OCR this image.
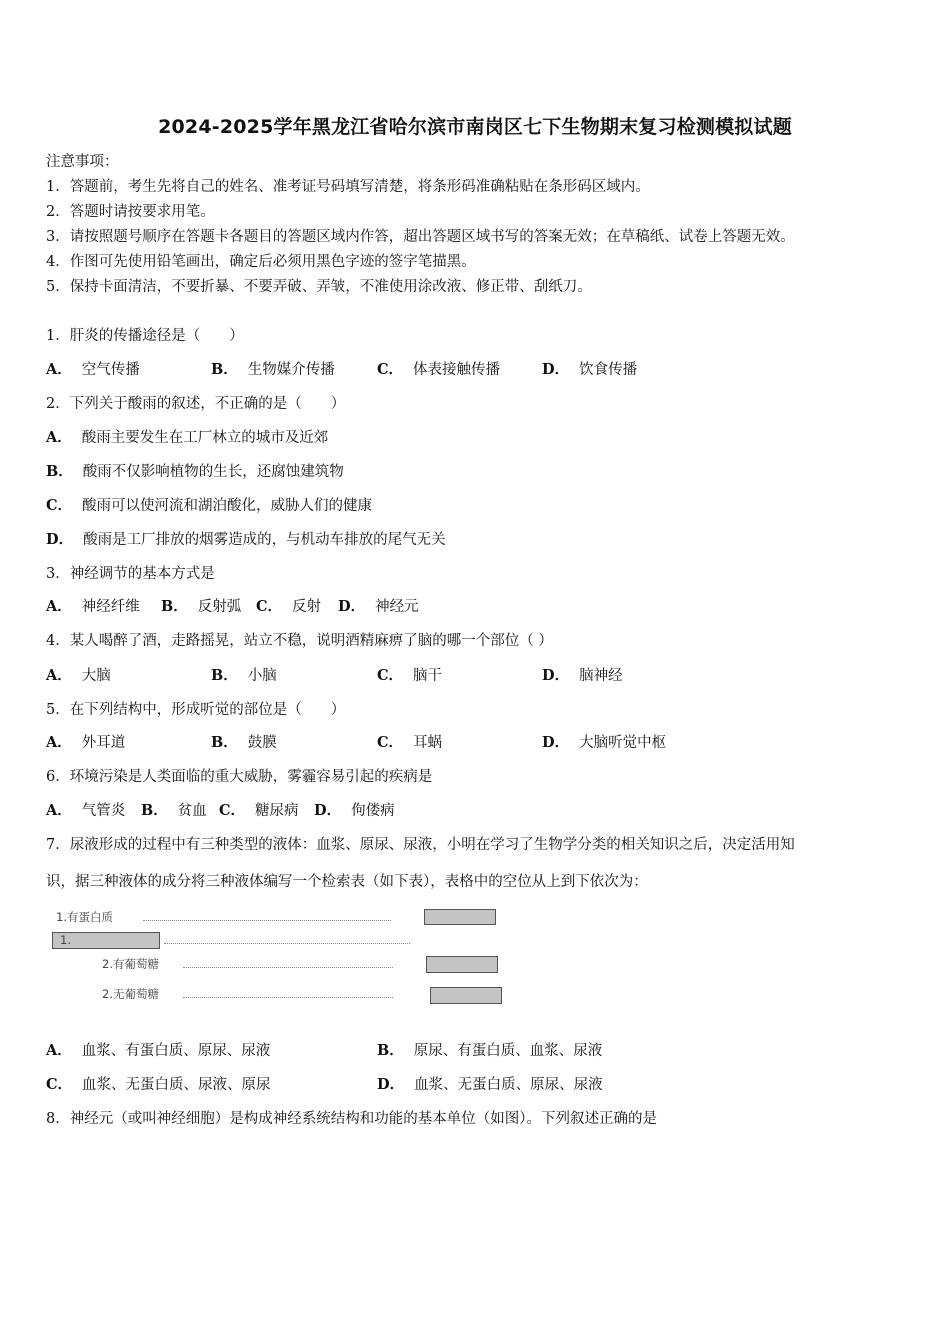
2024-2025学年黑龙江省哈尔滨市南岗区七下生物期末复习检测模拟试题
注意事项：
1．答题前，考生先将自己的姓名、准考证号码填写清楚，将条形码准确粘贴在条形码区域内。
2．答题时请按要求用笔。
3．请按照题号顺序在答题卡各题目的答题区域内作答，超出答题区域书写的答案无效；在草稿纸、试卷上答题无效。
4．作图可先使用铅笔画出，确定后必须用黑色字迹的签字笔描黑。
5．保持卡面清洁，不要折暴、不要弄破、弄皱，不准使用涂改液、修正带、刮纸刀。
1．肝炎的传播途径是（　　）
A． 空气传播	B． 生物媒介传播	C． 体表接触传播	D． 饮食传播
2．下列关于酸雨的叙述，不正确的是（　　）
A． 酸雨主要发生在工厂林立的城市及近郊
B． 酸雨不仅影响植物的生长，还腐蚀建筑物
C． 酸雨可以使河流和湖泊酸化，威胁人们的健康
D． 酸雨是工厂排放的烟雾造成的，与机动车排放的尾气无关
3．神经调节的基本方式是
A． 神经纤维 B． 反射弧 C． 反射 D． 神经元
4．某人喝醉了酒，走路摇晃，站立不稳，说明酒精麻痹了脑的哪一个部位（ ）
A． 大脑	B． 小脑	C． 脑干	D． 脑神经
5．在下列结构中，形成听觉的部位是（　　）
A． 外耳道	B． 鼓膜	C． 耳蜗	D． 大脑听觉中枢
6．环境污染是人类面临的重大威胁，雾霾容易引起的疾病是
A． 气管炎 B． 贫血 C． 糖尿病 D． 佝偻病
7．尿液形成的过程中有三种类型的液体：血浆、原尿、尿液，小明在学习了生物学分类的相关知识之后，决定活用知
识，据三种液体的成分将三种液体编写一个检索表（如下表），表格中的空位从上到下依次为：
1.有蛋白质
1.
2.有葡萄糖
2.无葡萄糖
A． 血浆、有蛋白质、原尿、尿液	B． 原尿、有蛋白质、血浆、尿液
C． 血浆、无蛋白质、尿液、原尿	D． 血浆、无蛋白质、原尿、尿液
8．神经元（或叫神经细胞）是构成神经系统结构和功能的基本单位（如图）。下列叙述正确的是
